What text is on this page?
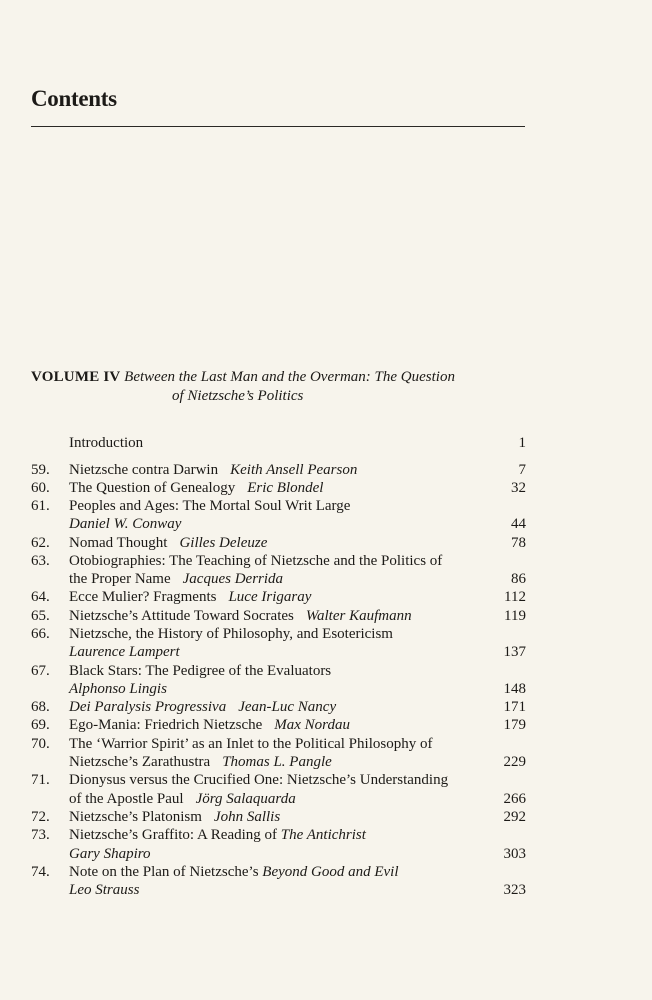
Contents
VOLUME IV Between the Last Man and the Overman: The Question
of Nietzsche’s Politics
Introduction	1
59. Nietzsche contra Darwin Keith Ansell Pearson	7
60. The Question of Genealogy Eric Blondel	32
61. Peoples and Ages: The Mortal Soul Writ Large
Daniel W. Conway	44
62. Nomad Thought Gilles Deleuze	78
63. Otobiographies: The Teaching of Nietzsche and the Politics of
the Proper Name Jacques Derrida	86
64. Ecce Mulier? Fragments Luce Irigaray	112
65. Nietzsche’s Attitude Toward Socrates Walter Kaufmann	119
66. Nietzsche, the History of Philosophy, and Esotericism
Laurence Lampert	137
67. Black Stars: The Pedigree of the Evaluators
Alphonso Lingis	148
68. Dei Paralysis Progressiva Jean-Luc Nancy	171
69. Ego-Mania: Friedrich Nietzsche Max Nordau	179
70. The ‘Warrior Spirit’ as an Inlet to the Political Philosophy of
Nietzsche’s Zarathustra Thomas L. Pangle	229
71. Dionysus versus the Crucified One: Nietzsche’s Understanding
of the Apostle Paul Jörg Salaquarda	266
72. Nietzsche’s Platonism John Sallis	292
73. Nietzsche’s Graffito: A Reading of The Antichrist
Gary Shapiro	303
74. Note on the Plan of Nietzsche’s Beyond Good and Evil
Leo Strauss	323
